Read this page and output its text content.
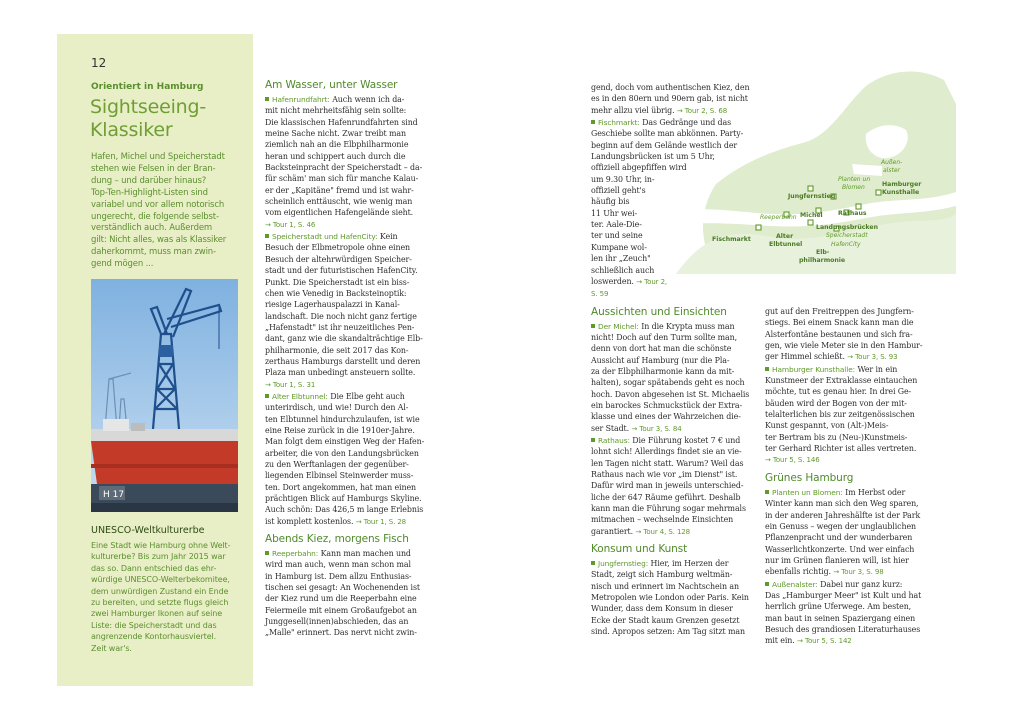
12
Orientiert in Hamburg
Sightseeing-
Klassiker
Hafen, Michel und Speicherstadt
stehen wie Felsen in der Bran-
dung – und darüber hinaus?
Top-Ten-Highlight-Listen sind
variabel und vor allem notorisch
ungerecht, die folgende selbst-
verständlich auch. Außerdem
gilt: Nicht alles, was als Klassiker
daherkommt, muss man zwin-
gend mögen ...
H 17
UNESCO-Weltkulturerbe
Eine Stadt wie Hamburg ohne Welt-
kulturerbe? Bis zum Jahr 2015 war
das so. Dann entschied das ehr-
würdige UNESCO-Welterbekomitee,
dem unwürdigen Zustand ein Ende
zu bereiten, und setzte flugs gleich
zwei Hamburger Ikonen auf seine
Liste: die Speicherstadt und das
angrenzende Kontorhausviertel.
Zeit war's.
Am Wasser, unter Wasser

Hafenrundfahrt: Auch wenn ich da-

mit nicht mehrheitsfähig sein sollte:

Die klassischen Hafenrundfahrten sind

meine Sache nicht. Zwar treibt man

ziemlich nah an die Elbphilharmonie

heran und schippert auch durch die

Backsteinpracht der Speicherstadt – da-

für schäm' man sich für manche Kalau-

er der „Kapitäne" fremd und ist wahr-

scheinlich enttäuscht, wie wenig man

vom eigentlichen Hafengelände sieht.

→ Tour 1, S. 46

Speicherstadt und HafenCity: Kein

Besuch der Elbmetropole ohne einen

Besuch der altehrwürdigen Speicher-

stadt und der futuristischen HafenCity.

Punkt. Die Speicherstadt ist ein biss-

chen wie Venedig in Backsteinoptik:

riesige Lagerhauspalazzi in Kanal-

landschaft. Die noch nicht ganz fertige

„Hafenstadt" ist ihr neuzeitliches Pen-

dant, ganz wie die skandalträchtige Elb-

philharmonie, die seit 2017 das Kon-

zerthaus Hamburgs darstellt und deren

Plaza man unbedingt ansteuern sollte.

→ Tour 1, S. 31

Alter Elbtunnel: Die Elbe geht auch

unterirdisch, und wie! Durch den Al-

ten Elbtunnel hindurchzulaufen, ist wie

eine Reise zurück in die 1910er-Jahre.

Man folgt dem einstigen Weg der Hafen-

arbeiter, die von den Landungsbrücken

zu den Werftanlagen der gegenüber-

liegenden Elbinsel Steinwerder muss-

ten. Dort angekommen, hat man einen

prächtigen Blick auf Hamburgs Skyline.

Auch schön: Das 426,5 m lange Erlebnis

ist komplett kostenlos. → Tour 1, S. 28

Abends Kiez, morgens Fisch

Reeperbahn: Kann man machen und

wird man auch, wenn man schon mal

in Hamburg ist. Dem allzu Enthusias-

tischen sei gesagt: An Wochenenden ist

der Kiez rund um die Reeperbahn eine

Feiermeile mit einem Großaufgebot an

Junggesell(innen)abschieden, das an

„Malle" erinnert. Das nervt nicht zwin-

Außen-
alster
Planten un
Blomen
Jungfernstieg
Hamburger
Kunsthalle
Reeperbahn Michel Rathaus
Fischmarkt	Alter
Elbtunnel
Landungsbrücken
Speicherstadt
HafenCity
Elb-
philharmonie

gend, doch vom authentischen Kiez, den

es in den 80ern und 90ern gab, ist nicht

mehr allzu viel übrig. → Tour 2, S. 68

Fischmarkt: Das Gedränge und das

Geschiebe sollte man abkönnen. Party-

beginn auf dem Gelände westlich der

Landungsbrücken ist um 5 Uhr,

offiziell abgepfiffen wird

um 9.30 Uhr, in-

offiziell geht's

häufig bis

11 Uhr wei-

ter. Aale-Die-

ter und seine

Kumpane wol-

len ihr „Zeuch"

schließlich auch

loswerden. → Tour 2,

S. 59

Aussichten und Einsichten

Der Michel: In die Krypta muss man

nicht! Doch auf den Turm sollte man,

denn von dort hat man die schönste

Aussicht auf Hamburg (nur die Pla-

za der Elbphilharmonie kann da mit-

halten), sogar spätabends geht es noch

hoch. Davon abgesehen ist St. Michaelis

ein barockes Schmuckstück der Extra-

klasse und eines der Wahrzeichen die-

ser Stadt. → Tour 3, S. 84

Rathaus: Die Führung kostet 7 € und

lohnt sich! Allerdings findet sie an vie-

len Tagen nicht statt. Warum? Weil das

Rathaus nach wie vor „im Dienst" ist.

Dafür wird man in jeweils unterschied-

liche der 647 Räume geführt. Deshalb

kann man die Führung sogar mehrmals

mitmachen – wechselnde Einsichten

garantiert. → Tour 4, S. 128

Konsum und Kunst

Jungfernstieg: Hier, im Herzen der

Stadt, zeigt sich Hamburg weltmän-

nisch und erinnert im Nachtschein an

Metropolen wie London oder Paris. Kein

Wunder, dass dem Konsum in dieser

Ecke der Stadt kaum Grenzen gesetzt

sind. Apropos setzen: Am Tag sitzt man

gut auf den Freitreppen des Jungfern-

stiegs. Bei einem Snack kann man die

Alsterfontäne bestaunen und sich fra-

gen, wie viele Meter sie in den Hambur-

ger Himmel schießt. → Tour 3, S. 93

Hamburger Kunsthalle: Wer in ein

Kunstmeer der Extraklasse eintauchen

möchte, tut es genau hier. In drei Ge-

bäuden wird der Bogen von der mit-

telalterlichen bis zur zeitgenössischen

Kunst gespannt, von (Alt-)Meis-

ter Bertram bis zu (Neu-)Kunstmeis-

ter Gerhard Richter ist alles vertreten.

→ Tour 5, S. 146

Grünes Hamburg

Planten un Blomen: Im Herbst oder

Winter kann man sich den Weg sparen,

in der anderen Jahreshälfte ist der Park

ein Genuss – wegen der unglaublichen

Pflanzenpracht und der wunderbaren

Wasserlichtkonzerte. Und wer einfach

nur im Grünen flanieren will, ist hier

ebenfalls richtig. → Tour 3, S. 98

Außenalster: Dabei nur ganz kurz:

Das „Hamburger Meer" ist Kult und hat

herrlich grüne Uferwege. Am besten,

man baut in seinen Spaziergang einen

Besuch des grandiosen Literaturhauses

mit ein. → Tour 5, S. 142
